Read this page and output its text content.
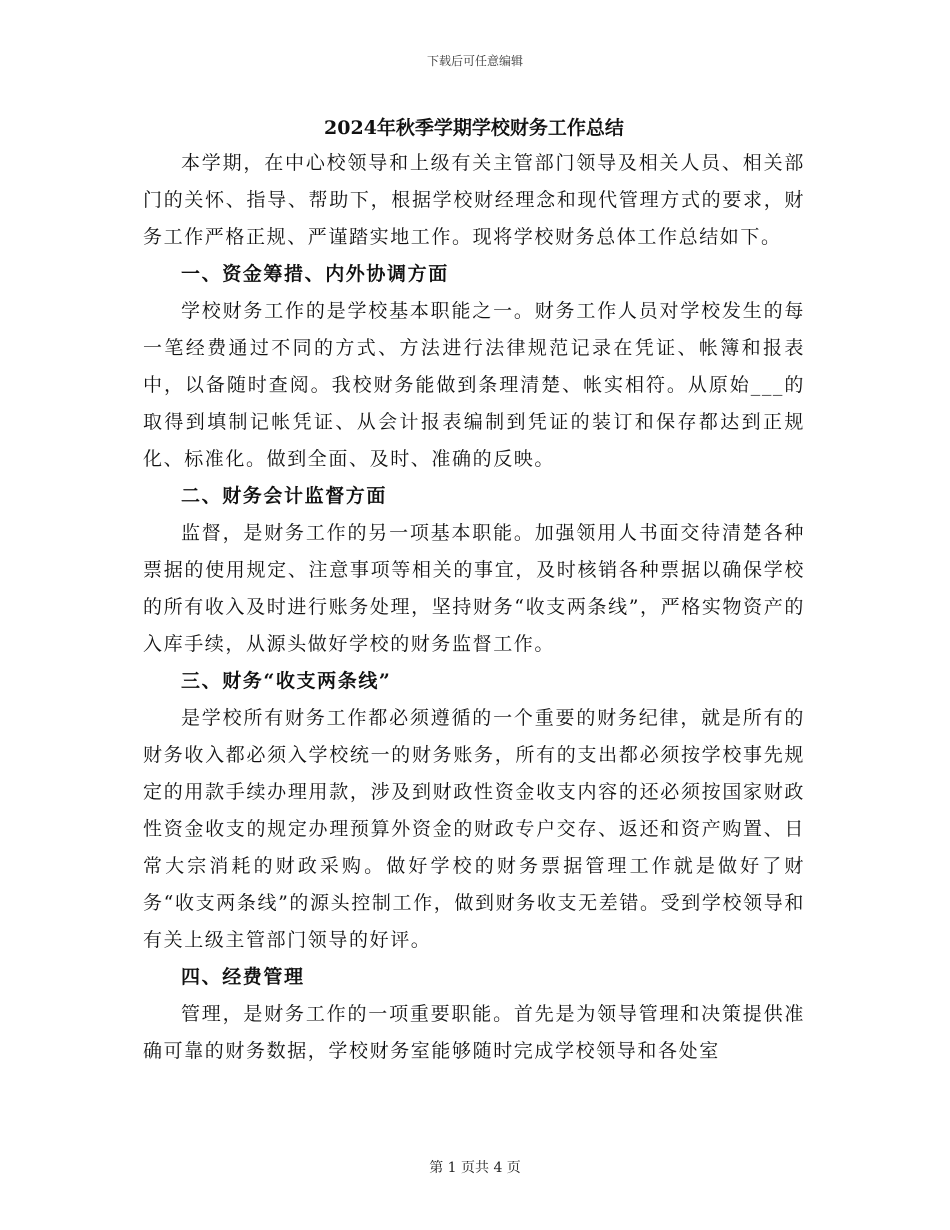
下载后可任意编辑
2024年秋季学期学校财务工作总结

本学期，在中心校领导和上级有关主管部门领导及相关人员、相关部门的关怀、指导、帮助下，根据学校财经理念和现代管理方式的要求，财务工作严格正规、严谨踏实地工作。现将学校财务总体工作总结如下。

一、资金筹措、内外协调方面

学校财务工作的是学校基本职能之一。财务工作人员对学校发生的每一笔经费通过不同的方式、方法进行法律规范记录在凭证、帐簿和报表中，以备随时查阅。我校财务能做到条理清楚、帐实相符。从原始___的取得到填制记帐凭证、从会计报表编制到凭证的装订和保存都达到正规化、标准化。做到全面、及时、准确的反映。

二、财务会计监督方面

监督，是财务工作的另一项基本职能。加强领用人书面交待清楚各种票据的使用规定、注意事项等相关的事宜，及时核销各种票据以确保学校的所有收入及时进行账务处理，坚持财务“收支两条线”，严格实物资产的入库手续，从源头做好学校的财务监督工作。

三、财务“收支两条线”

是学校所有财务工作都必须遵循的一个重要的财务纪律，就是所有的财务收入都必须入学校统一的财务账务，所有的支出都必须按学校事先规定的用款手续办理用款，涉及到财政性资金收支内容的还必须按国家财政性资金收支的规定办理预算外资金的财政专户交存、返还和资产购置、日常大宗消耗的财政采购。做好学校的财务票据管理工作就是做好了财务“收支两条线”的源头控制工作，做到财务收支无差错。受到学校领导和有关上级主管部门领导的好评。

四、经费管理

管理，是财务工作的一项重要职能。首先是为领导管理和决策提供准确可靠的财务数据，学校财务室能够随时完成学校领导和各处室

第 1 页共 4 页
